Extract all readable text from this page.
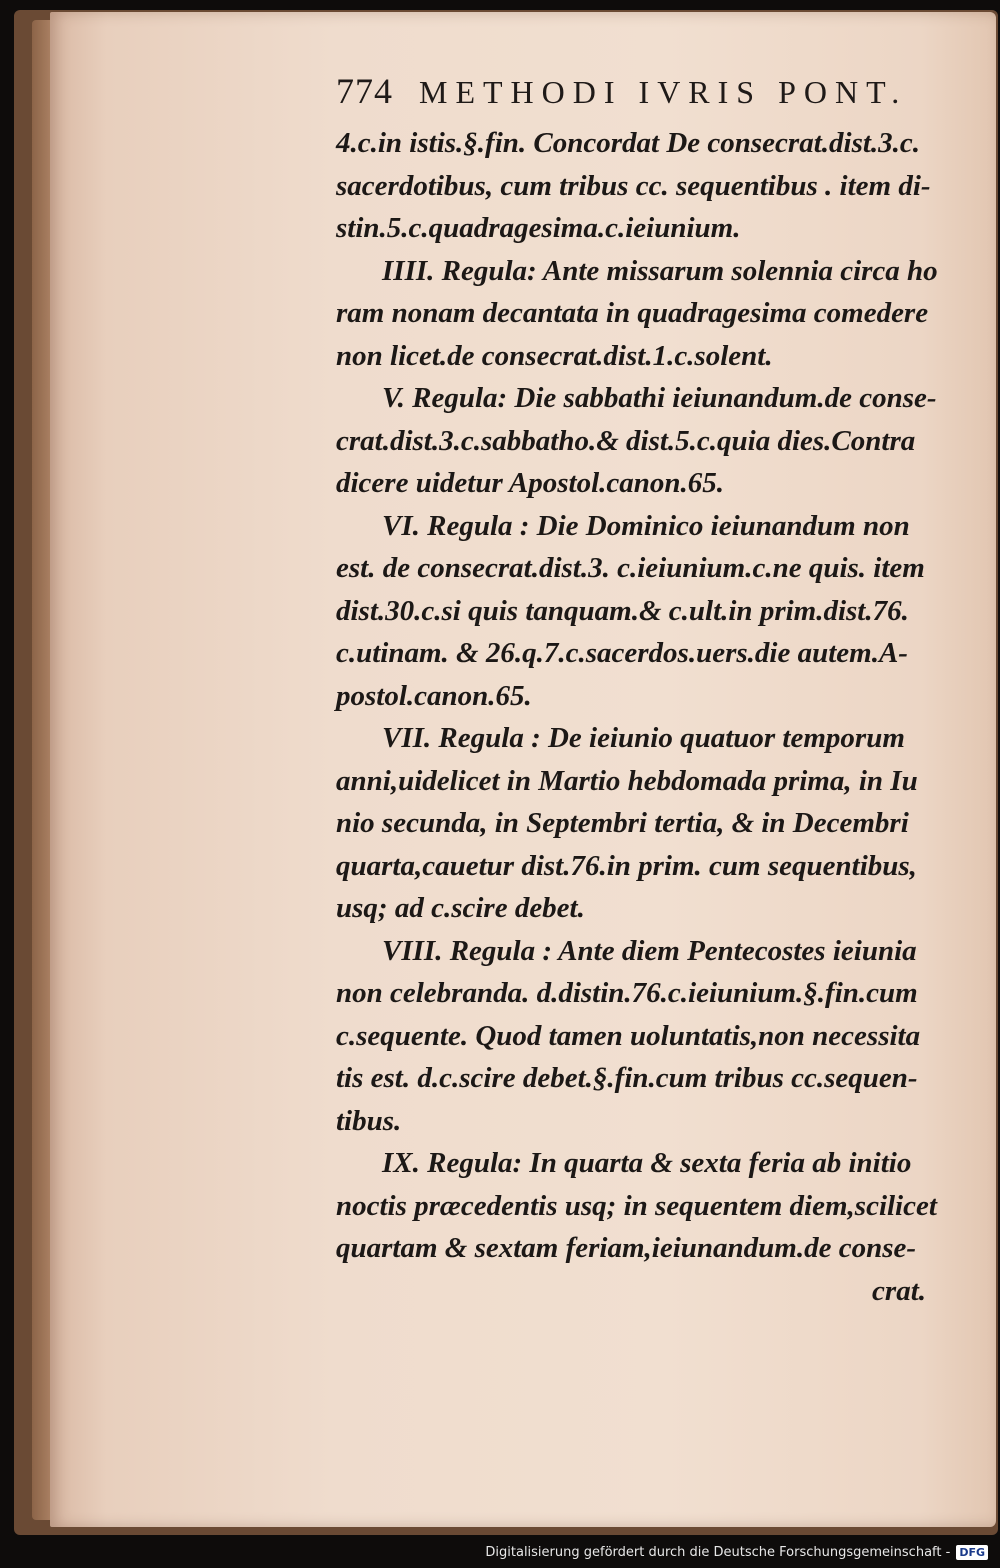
774 METHODI IVRIS PONT.
4.c.in istis.§.fin. Concordat De consecrat.dist.3.c.
sacerdotibus, cum tribus cc. sequentibus . item di-
stin.5.c.quadragesima.c.ieiunium.
IIII. Regula: Ante missarum solennia circa ho
ram nonam decantata in quadragesima comedere
non licet.de consecrat.dist.1.c.solent.
V. Regula: Die sabbathi ieiunandum.de conse-
crat.dist.3.c.sabbatho.& dist.5.c.quia dies.Contra
dicere uidetur Apostol.canon.65.
VI. Regula : Die Dominico ieiunandum non
est. de consecrat.dist.3. c.ieiunium.c.ne quis. item
dist.30.c.si quis tanquam.& c.ult.in prim.dist.76.
c.utinam. & 26.q.7.c.sacerdos.uers.die autem.A-
postol.canon.65.
VII. Regula : De ieiunio quatuor temporum
anni,uidelicet in Martio hebdomada prima, in Iu
nio secunda, in Septembri tertia, & in Decembri
quarta,cauetur dist.76.in prim. cum sequentibus,
usq; ad c.scire debet.
VIII. Regula : Ante diem Pentecostes ieiunia
non celebranda. d.distin.76.c.ieiunium.§.fin.cum
c.sequente. Quod tamen uoluntatis,non necessita
tis est. d.c.scire debet.§.fin.cum tribus cc.sequen-
tibus.
IX. Regula: In quarta & sexta feria ab initio
noctis præcedentis usq; in sequentem diem,scilicet
quartam & sextam feriam,ieiunandum.de conse-
crat.
Digitalisierung gefördert durch die Deutsche Forschungsgemeinschaft - DFG
